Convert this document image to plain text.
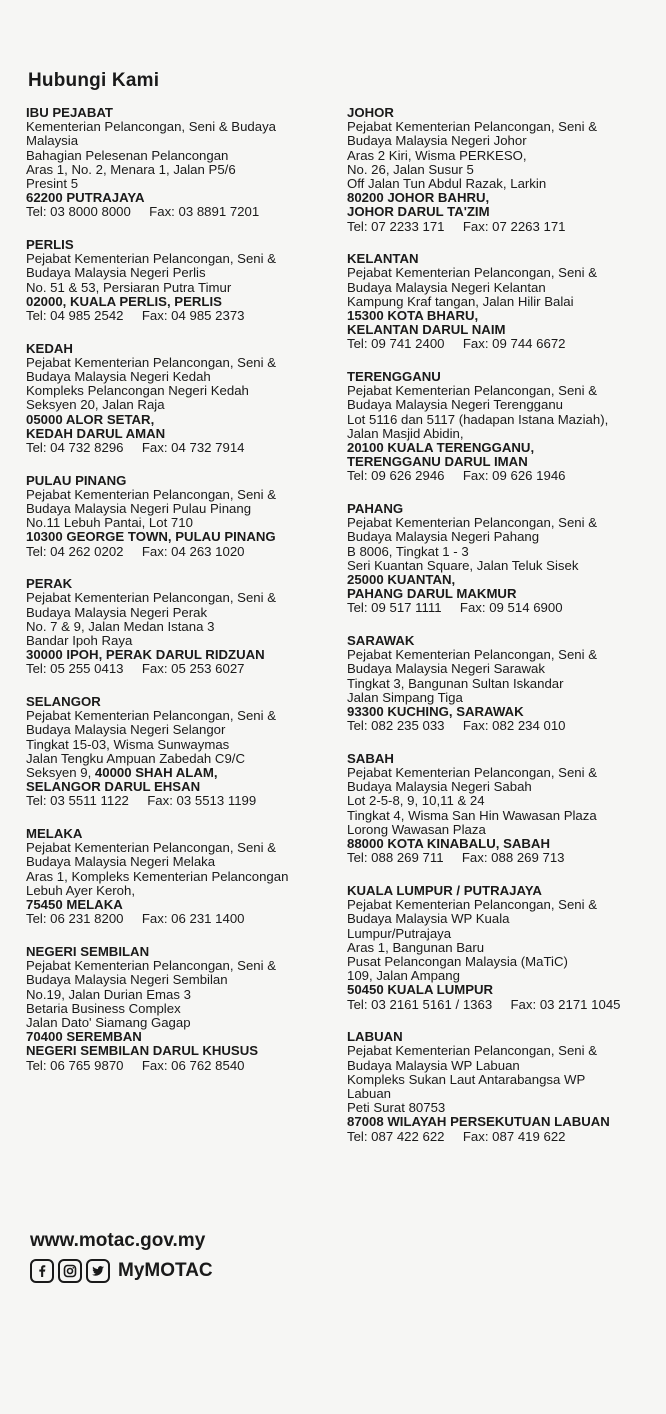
Hubungi Kami
IBU PEJABAT
Kementerian Pelancongan, Seni & Budaya
Malaysia
Bahagian Pelesenan Pelancongan
Aras 1, No. 2, Menara 1, Jalan P5/6
Presint 5
62200 PUTRAJAYA
Tel: 03 8000 8000     Fax: 03 8891 7201
PERLIS
Pejabat Kementerian Pelancongan, Seni &
Budaya Malaysia Negeri Perlis
No. 51 & 53, Persiaran Putra Timur
02000, KUALA PERLIS, PERLIS
Tel: 04 985 2542     Fax: 04 985 2373
KEDAH
Pejabat Kementerian Pelancongan, Seni &
Budaya Malaysia Negeri Kedah
Kompleks Pelancongan Negeri Kedah
Seksyen 20, Jalan Raja
05000 ALOR SETAR,
KEDAH DARUL AMAN
Tel: 04 732 8296     Fax: 04 732 7914
PULAU PINANG
Pejabat Kementerian Pelancongan, Seni &
Budaya Malaysia Negeri Pulau Pinang
No.11 Lebuh Pantai, Lot 710
10300 GEORGE TOWN, PULAU PINANG
Tel: 04 262 0202     Fax: 04 263 1020
PERAK
Pejabat Kementerian Pelancongan, Seni &
Budaya Malaysia Negeri Perak
No. 7 & 9, Jalan Medan Istana 3
Bandar Ipoh Raya
30000 IPOH, PERAK DARUL RIDZUAN
Tel: 05 255 0413     Fax: 05 253 6027
SELANGOR
Pejabat Kementerian Pelancongan, Seni &
Budaya Malaysia Negeri Selangor
Tingkat 15-03, Wisma Sunwaymas
Jalan Tengku Ampuan Zabedah C9/C
Seksyen 9, 40000 SHAH ALAM,
SELANGOR DARUL EHSAN
Tel: 03 5511 1122     Fax: 03 5513 1199
MELAKA
Pejabat Kementerian Pelancongan, Seni &
Budaya Malaysia Negeri Melaka
Aras 1, Kompleks Kementerian Pelancongan
Lebuh Ayer Keroh,
75450 MELAKA
Tel: 06 231 8200     Fax: 06 231 1400
NEGERI SEMBILAN
Pejabat Kementerian Pelancongan, Seni &
Budaya Malaysia Negeri Sembilan
No.19, Jalan Durian Emas 3
Betaria Business Complex
Jalan Dato' Siamang Gagap
70400 SEREMBAN
NEGERI SEMBILAN DARUL KHUSUS
Tel: 06 765 9870     Fax: 06 762 8540
JOHOR
Pejabat Kementerian Pelancongan, Seni &
Budaya Malaysia Negeri Johor
Aras 2 Kiri, Wisma PERKESO,
No. 26, Jalan Susur 5
Off Jalan Tun Abdul Razak, Larkin
80200 JOHOR BAHRU,
JOHOR DARUL TA'ZIM
Tel: 07 2233 171     Fax: 07 2263 171
KELANTAN
Pejabat Kementerian Pelancongan, Seni &
Budaya Malaysia Negeri Kelantan
Kampung Kraf tangan, Jalan Hilir Balai
15300 KOTA BHARU,
KELANTAN DARUL NAIM
Tel: 09 741 2400     Fax: 09 744 6672
TERENGGANU
Pejabat Kementerian Pelancongan, Seni &
Budaya Malaysia Negeri Terengganu
Lot 5116 dan 5117 (hadapan Istana Maziah),
Jalan Masjid Abidin,
20100 KUALA TERENGGANU,
TERENGGANU DARUL IMAN
Tel: 09 626 2946     Fax: 09 626 1946
PAHANG
Pejabat Kementerian Pelancongan, Seni &
Budaya Malaysia Negeri Pahang
B 8006, Tingkat 1 - 3
Seri Kuantan Square, Jalan Teluk Sisek
25000 KUANTAN,
PAHANG DARUL MAKMUR
Tel: 09 517 1111     Fax: 09 514 6900
SARAWAK
Pejabat Kementerian Pelancongan, Seni &
Budaya Malaysia Negeri Sarawak
Tingkat 3, Bangunan Sultan Iskandar
Jalan Simpang Tiga
93300 KUCHING, SARAWAK
Tel: 082 235 033     Fax: 082 234 010
SABAH
Pejabat Kementerian Pelancongan, Seni &
Budaya Malaysia Negeri Sabah
Lot 2-5-8, 9, 10,11 & 24
Tingkat 4, Wisma San Hin Wawasan Plaza
Lorong Wawasan Plaza
88000 KOTA KINABALU, SABAH
Tel: 088 269 711     Fax: 088 269 713
KUALA LUMPUR / PUTRAJAYA
Pejabat Kementerian Pelancongan, Seni &
Budaya Malaysia WP Kuala
Lumpur/Putrajaya
Aras 1, Bangunan Baru
Pusat Pelancongan Malaysia (MaTiC)
109, Jalan Ampang
50450 KUALA LUMPUR
Tel: 03 2161 5161 / 1363     Fax: 03 2171 1045
LABUAN
Pejabat Kementerian Pelancongan, Seni &
Budaya Malaysia WP Labuan
Kompleks Sukan Laut Antarabangsa WP
Labuan
Peti Surat 80753
87008 WILAYAH PERSEKUTUAN LABUAN
Tel: 087 422 622     Fax: 087 419 622
www.motac.gov.my
MyMOTAC
